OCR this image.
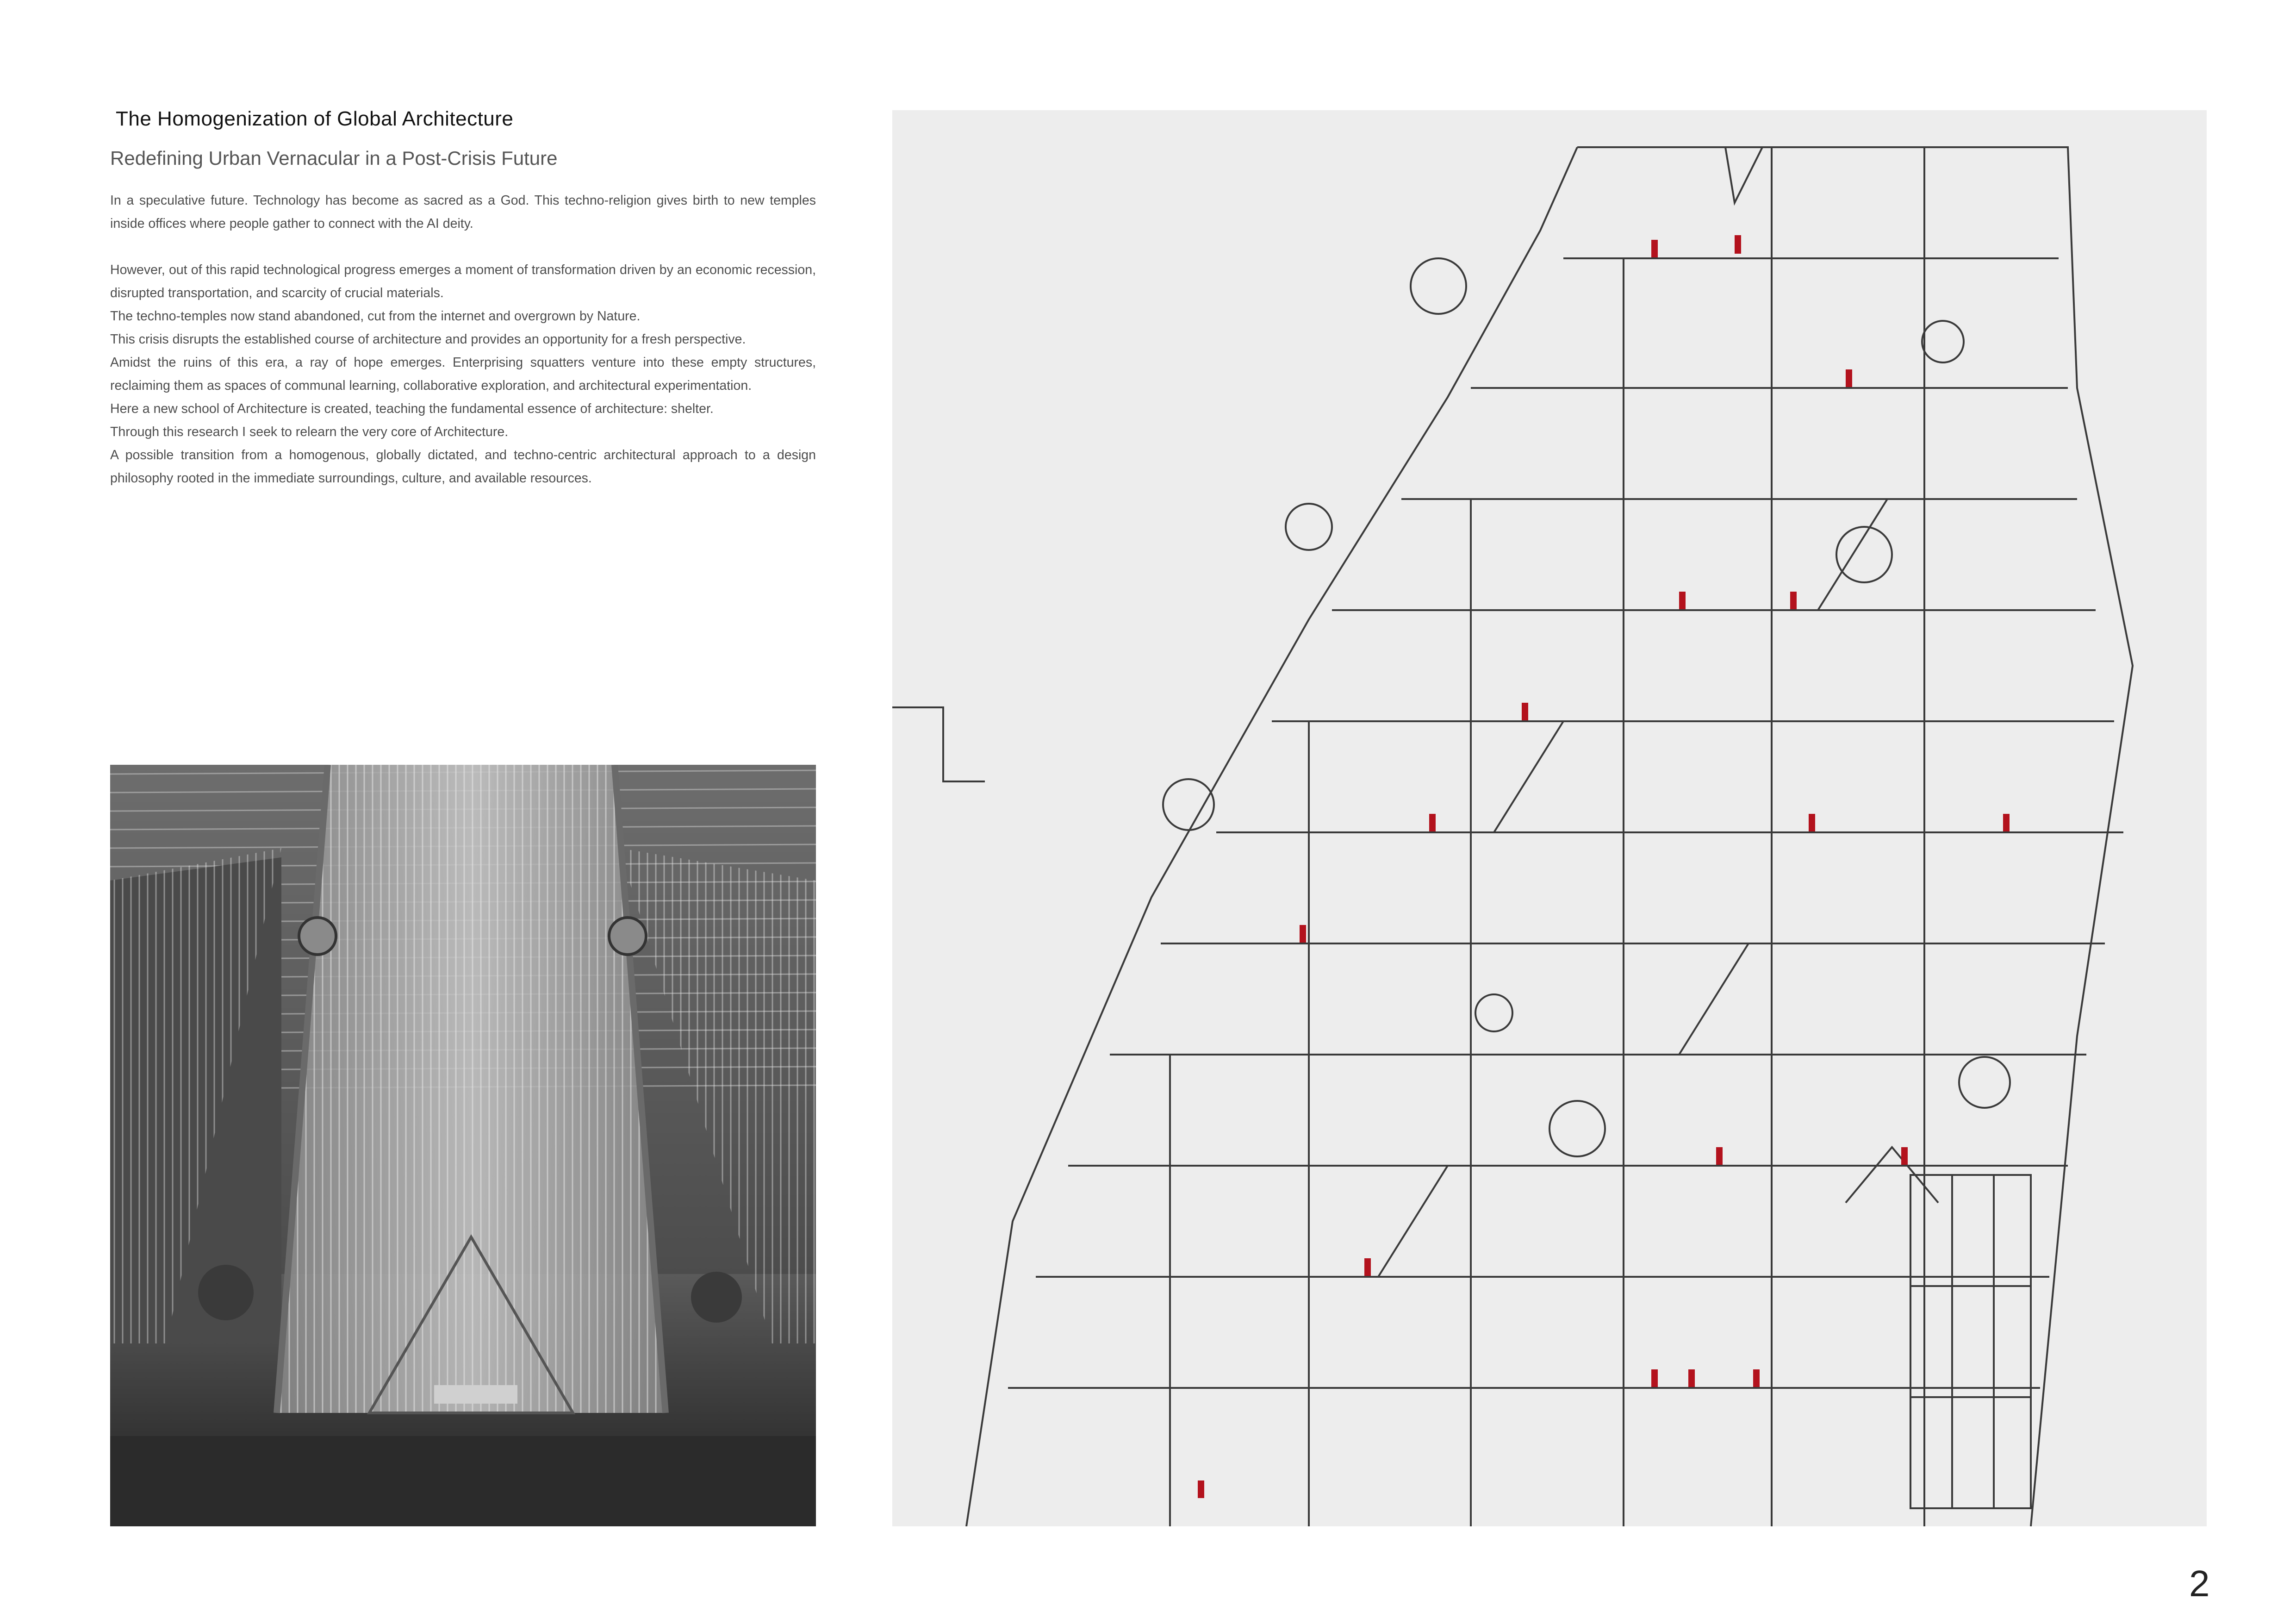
The Homogenization of Global Architecture
Redefining Urban Vernacular in a Post-Crisis Future

In a speculative future. Technology has become as sacred as a God. This techno-religion gives birth to new temples inside offices where people gather to connect with the AI deity.

However, out of this rapid technological progress emerges a moment of transformation driven by an economic recession, disrupted transportation, and scarcity of crucial materials.

The techno-temples now stand abandoned, cut from the internet and overgrown by Nature.

This crisis disrupts the established course of architecture and provides an opportunity for a fresh perspective.

Amidst the ruins of this era, a ray of hope emerges. Enterprising squatters venture into these empty structures, reclaiming them as spaces of communal learning, collaborative exploration, and architectural experimentation.

Here a new school of Architecture is created, teaching the fundamental essence of architecture: shelter.

Through this research I seek to relearn the very core of Architecture.

A possible transition from a homogenous, globally dictated, and techno-centric architectural approach to a design philosophy rooted in the immediate surroundings, culture, and available resources.

2
